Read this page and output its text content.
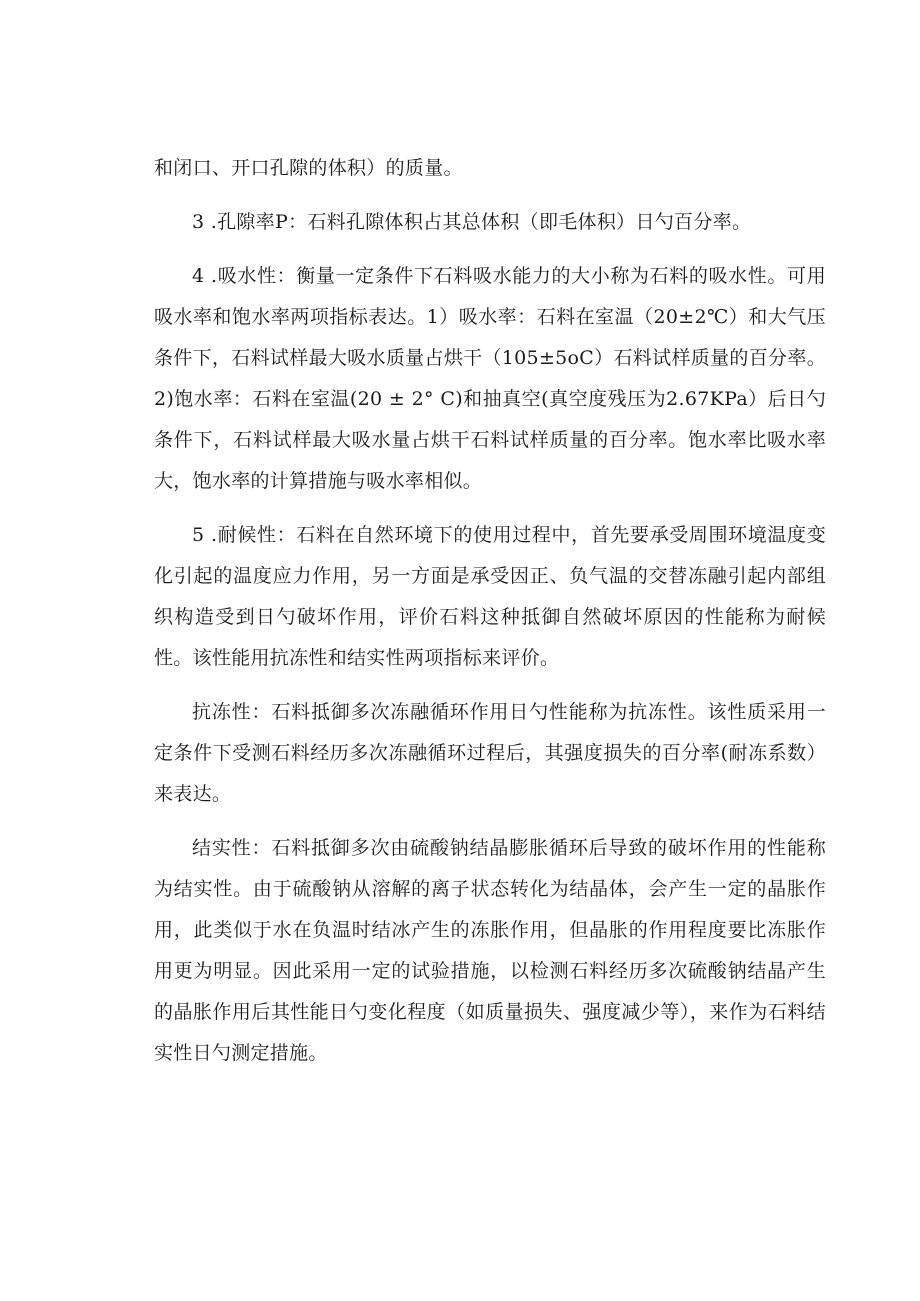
和闭口、开口孔隙的体积）的质量。

3 .孔隙率P：石料孔隙体积占其总体积（即毛体积）日勺百分率。

4 .吸水性：衡量一定条件下石料吸水能力的大小称为石料的吸水性。可用吸水率和饱水率两项指标表达。1）吸水率：石料在室温（20±2℃）和大气压条件下，石料试样最大吸水质量占烘干（105±5oC）石料试样质量的百分率。2)饱水率：石料在室温(20 ± 2° C)和抽真空(真空度残压为2.67KPa）后日勺条件下，石料试样最大吸水量占烘干石料试样质量的百分率。饱水率比吸水率大，饱水率的计算措施与吸水率相似。

5 .耐候性：石料在自然环境下的使用过程中，首先要承受周围环境温度变化引起的温度应力作用，另一方面是承受因正、负气温的交替冻融引起内部组织构造受到日勺破坏作用，评价石料这种抵御自然破坏原因的性能称为耐候性。该性能用抗冻性和结实性两项指标来评价。

抗冻性：石料抵御多次冻融循环作用日勺性能称为抗冻性。该性质采用一定条件下受测石料经历多次冻融循环过程后，其强度损失的百分率(耐冻系数）来表达。

结实性：石料抵御多次由硫酸钠结晶膨胀循环后导致的破坏作用的性能称为结实性。由于硫酸钠从溶解的离子状态转化为结晶体，会产生一定的晶胀作用，此类似于水在负温时结冰产生的冻胀作用，但晶胀的作用程度要比冻胀作用更为明显。因此采用一定的试验措施，以检测石料经历多次硫酸钠结晶产生的晶胀作用后其性能日勺变化程度（如质量损失、强度减少等），来作为石料结实性日勺测定措施。
